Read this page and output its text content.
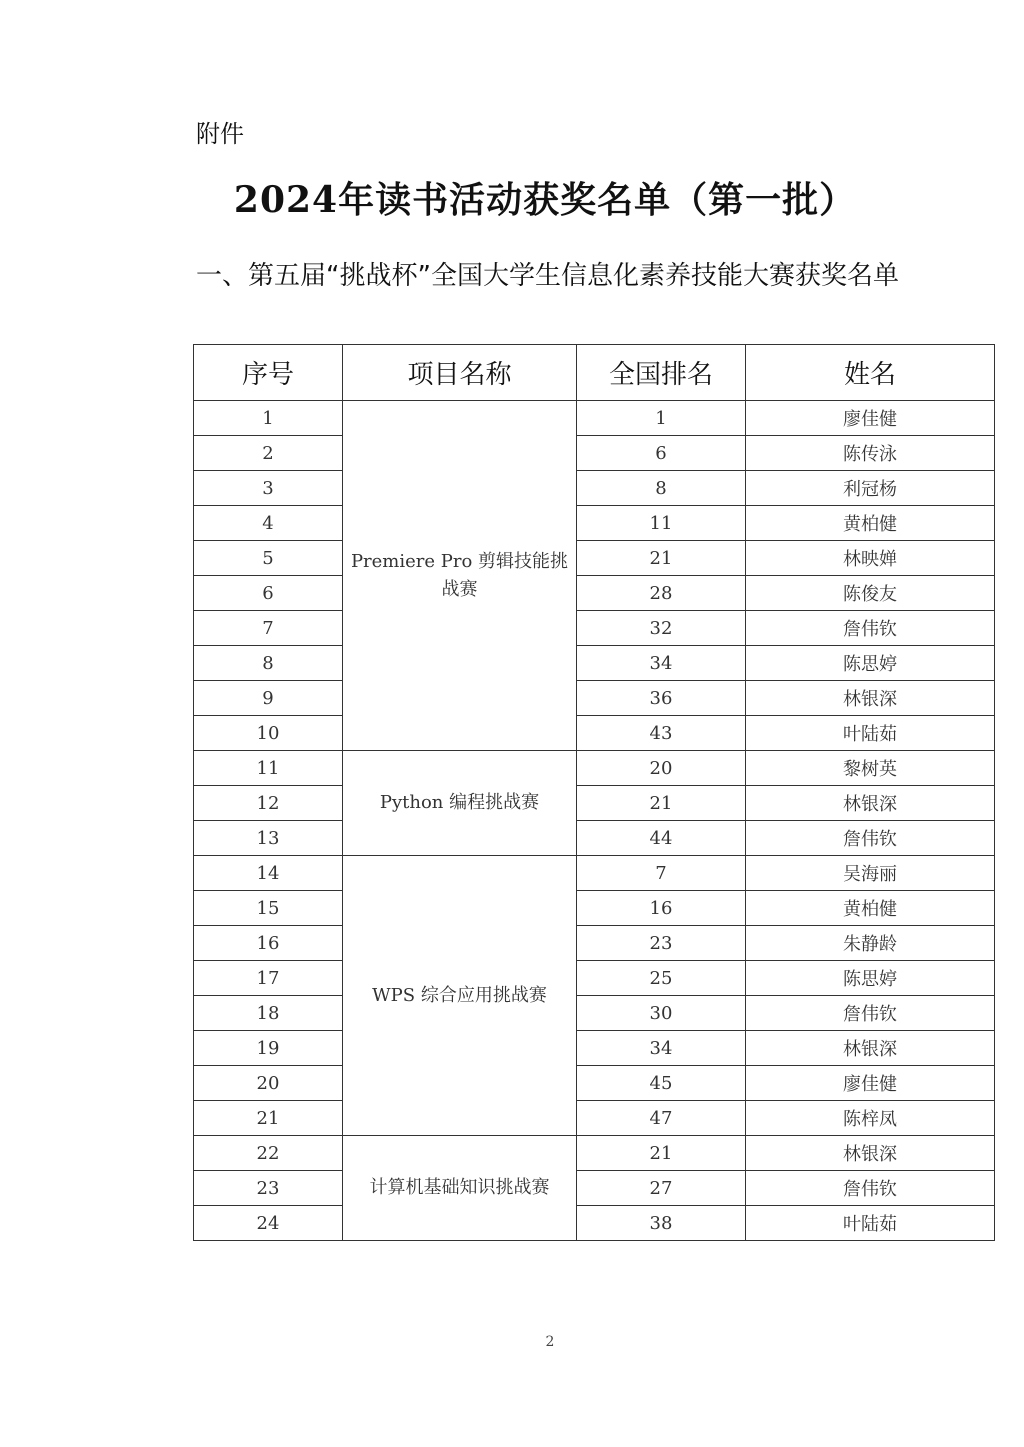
附件
2024年读书活动获奖名单（第一批）
一、第五届“挑战杯”全国大学生信息化素养技能大赛获奖名单
序号	项目名称	全国排名	姓名
1	Premiere Pro 剪辑技能挑战赛	1	廖佳健
2		6	陈传泳
3		8	利冠杨
4		11	黄柏健
5		21	林映婵
6		28	陈俊友
7		32	詹伟钦
8		34	陈思婷
9		36	林银深
10		43	叶陆茹
11	Python 编程挑战赛	20	黎树英
12		21	林银深
13		44	詹伟钦
14	WPS 综合应用挑战赛	7	吴海丽
15		16	黄柏健
16		23	朱静龄
17		25	陈思婷
18		30	詹伟钦
19		34	林银深
20		45	廖佳健
21		47	陈梓凤
22	计算机基础知识挑战赛	21	林银深
23		27	詹伟钦
24		38	叶陆茹
2
